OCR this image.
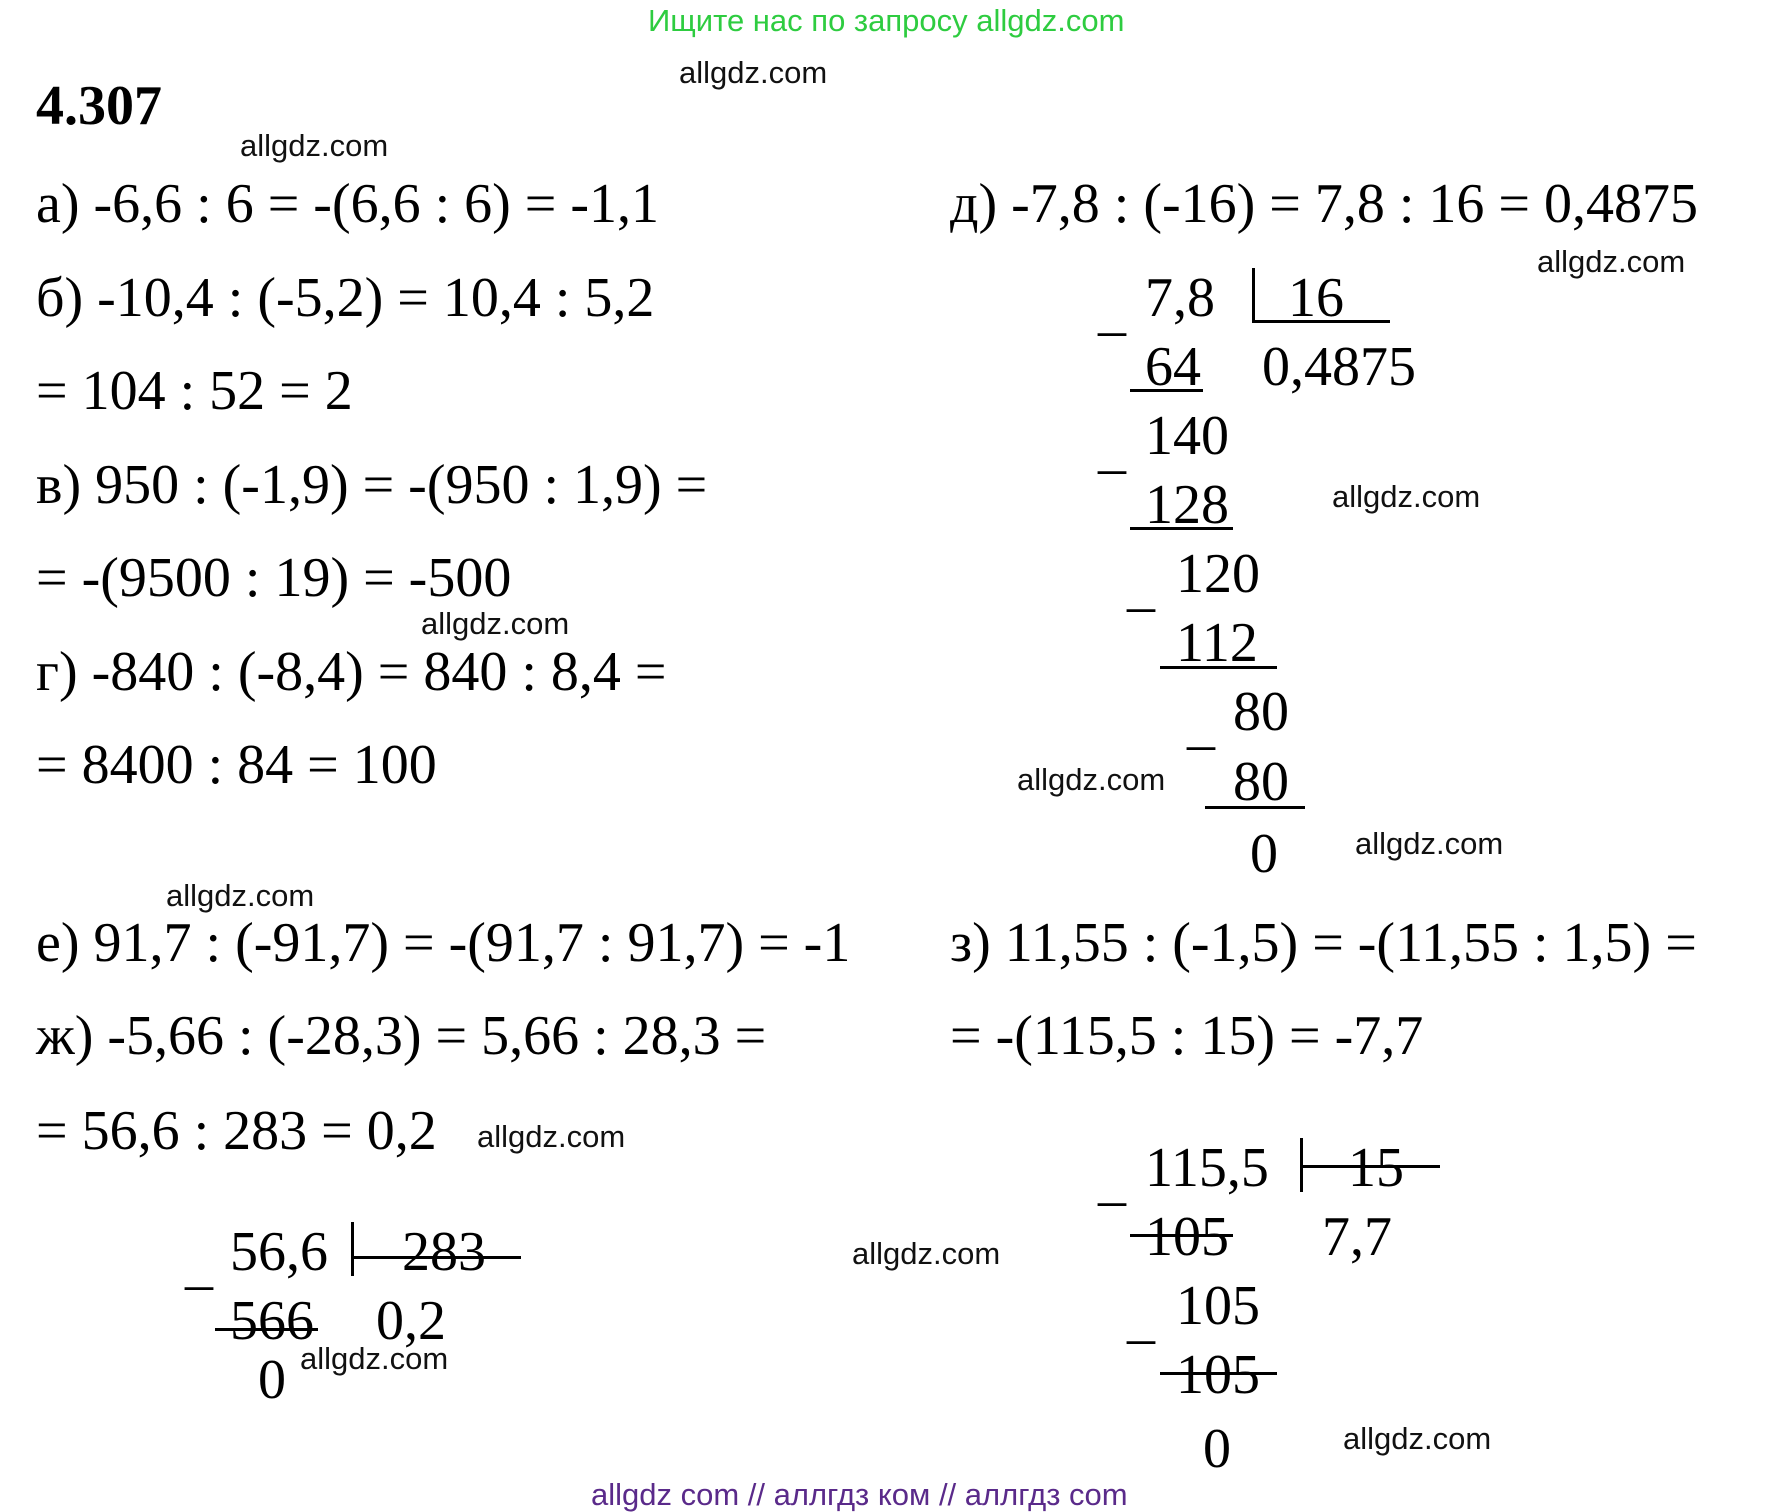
Ищите нас по запросу allgdz.com
4.307
а) -6,6 : 6 = -(6,6 : 6) = -1,1
б) -10,4 : (-5,2) = 10,4 : 5,2
= 104 : 52 = 2
в) 950 : (-1,9) = -(950 : 1,9) =
= -(9500 : 19) = -500
г) -840 : (-8,4) = 840 : 8,4 =
= 8400 : 84 = 100
е) 91,7 : (-91,7) = -(91,7 : 91,7) = -1
ж) -5,66 : (-28,3) = 5,66 : 28,3 =
= 56,6 : 283 = 0,2
д) -7,8 : (-16) = 7,8 : 16 = 0,4875
з) 11,55 : (-1,5) = -(11,55 : 1,5) =
= -(115,5 : 15) = -7,7
_ 7,8 16
0,4875
64
_ 140
128
_ 120
112
_ 80
80
0
_ 56,6 283
0,2
566
0
_ 115,5 15
7,7
105
_ 105
105
0
allgdz.com
allgdz.com
allgdz.com
allgdz.com
allgdz.com
allgdz.com
allgdz.com
allgdz.com
allgdz.com
allgdz.com
allgdz.com
allgdz.com
allgdz com // аллгдз ком // аллгдз com
